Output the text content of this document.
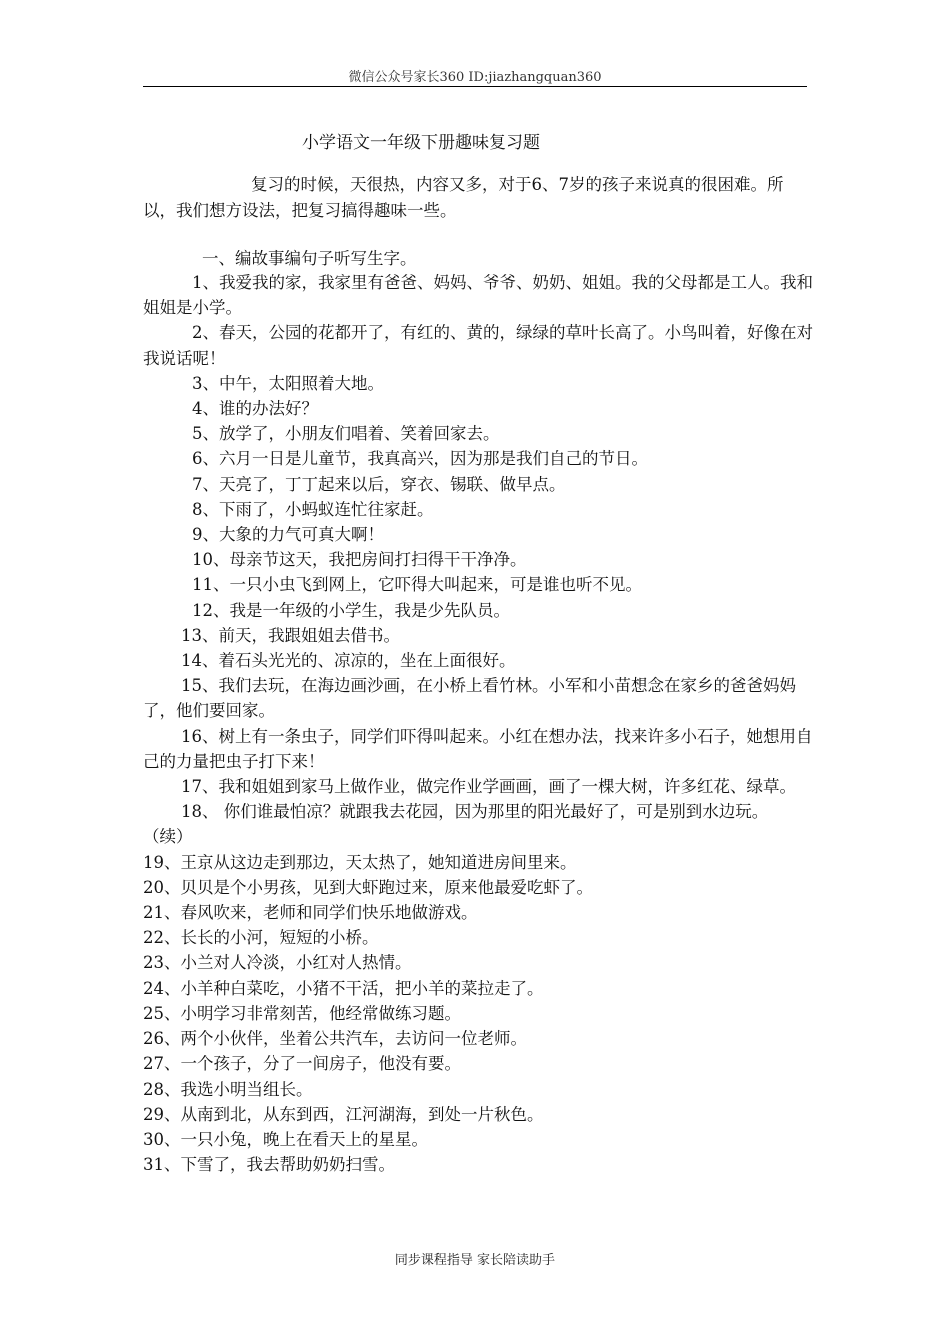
微信公众号家长360 ID:jiazhangquan360
小学语文一年级下册趣味复习题

复习的时候，天很热，内容又多，对于6、7岁的孩子来说真的很困难。所以，我们想方设法，把复习搞得趣味一些。

一、编故事编句子听写生字。
1、我爱我的家，我家里有爸爸、妈妈、爷爷、奶奶、姐姐。我的父母都是工人。我和姐姐是小学。
2、春天，公园的花都开了，有红的、黄的，绿绿的草叶长高了。小鸟叫着，好像在对我说话呢！
3、中午，太阳照着大地。
4、谁的办法好？
5、放学了，小朋友们唱着、笑着回家去。
6、六月一日是儿童节，我真高兴，因为那是我们自己的节日。
7、天亮了，丁丁起来以后，穿衣、锡联、做早点。
8、下雨了，小蚂蚁连忙往家赶。
9、大象的力气可真大啊！
10、母亲节这天，我把房间打扫得干干净净。
11、一只小虫飞到网上，它吓得大叫起来，可是谁也听不见。
12、我是一年级的小学生，我是少先队员。
13、前天，我跟姐姐去借书。
14、着石头光光的、凉凉的，坐在上面很好。
15、我们去玩，在海边画沙画，在小桥上看竹林。小军和小苗想念在家乡的爸爸妈妈了，他们要回家。
16、树上有一条虫子，同学们吓得叫起来。小红在想办法，找来许多小石子，她想用自己的力量把虫子打下来！
17、我和姐姐到家马上做作业，做完作业学画画，画了一棵大树，许多红花、绿草。
18、 你们谁最怕凉？就跟我去花园，因为那里的阳光最好了，可是别到水边玩。
（续）
19、王京从这边走到那边，天太热了，她知道进房间里来。
20、贝贝是个小男孩，见到大虾跑过来，原来他最爱吃虾了。
21、春风吹来，老师和同学们快乐地做游戏。
22、长长的小河，短短的小桥。
23、小兰对人冷淡，小红对人热情。
24、小羊种白菜吃，小猪不干活，把小羊的菜拉走了。
25、小明学习非常刻苦，他经常做练习题。
26、两个小伙伴，坐着公共汽车，去访问一位老师。
27、一个孩子，分了一间房子，他没有要。
28、我选小明当组长。
29、从南到北，从东到西，江河湖海，到处一片秋色。
30、一只小兔，晚上在看天上的星星。
31、下雪了，我去帮助奶奶扫雪。
同步课程指导 家长陪读助手
